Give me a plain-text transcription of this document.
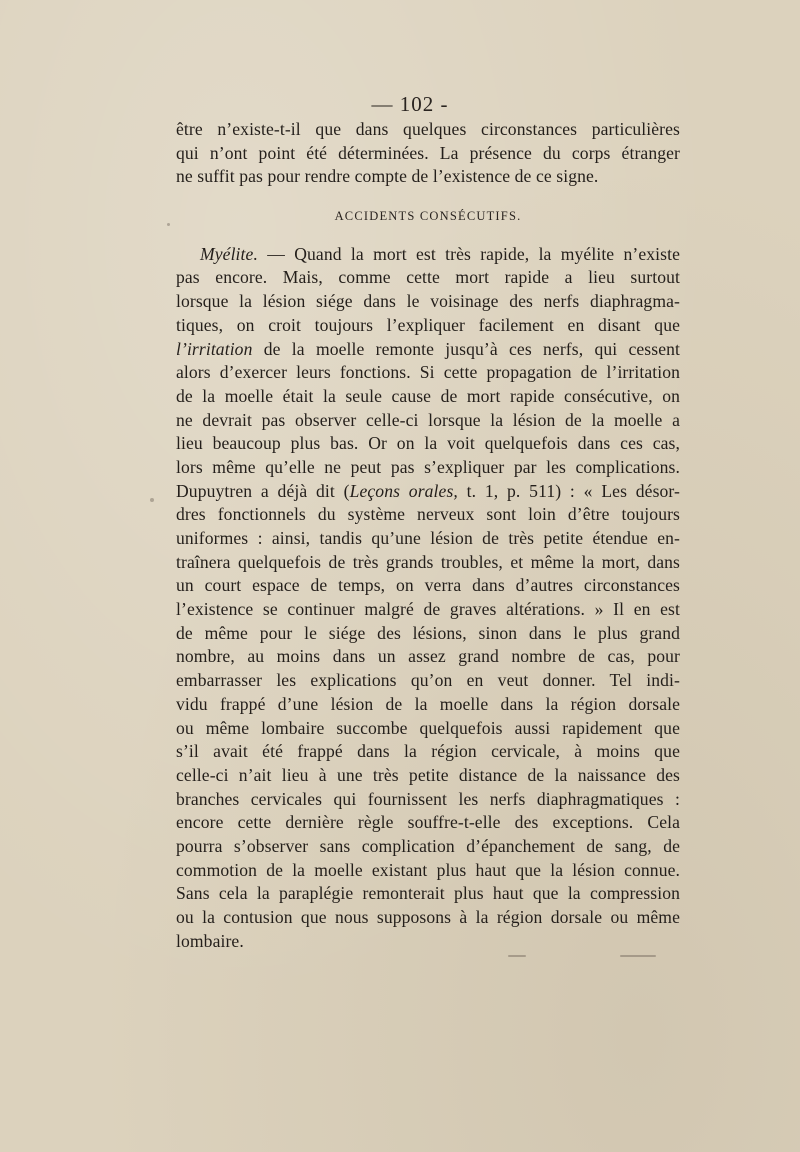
— 102 -
être n’existe-t-il que dans quelques circonstances particulières
qui n’ont point été déterminées. La présence du corps étranger
ne suffit pas pour rendre compte de l’existence de ce signe.
ACCIDENTS CONSÉCUTIFS.
Myélite. — Quand la mort est très rapide, la myélite n’existe
pas encore. Mais, comme cette mort rapide a lieu surtout
lorsque la lésion siége dans le voisinage des nerfs diaphragma-
tiques, on croit toujours l’expliquer facilement en disant que
l’irritation de la moelle remonte jusqu’à ces nerfs, qui cessent
alors d’exercer leurs fonctions. Si cette propagation de l’irritation
de la moelle était la seule cause de mort rapide consécutive, on
ne devrait pas observer celle-ci lorsque la lésion de la moelle a
lieu beaucoup plus bas. Or on la voit quelquefois dans ces cas,
lors même qu’elle ne peut pas s’expliquer par les complications.
Dupuytren a déjà dit (Leçons orales, t. 1, p. 511) : « Les désor-
dres fonctionnels du système nerveux sont loin d’être toujours
uniformes : ainsi, tandis qu’une lésion de très petite étendue en-
traînera quelquefois de très grands troubles, et même la mort, dans
un court espace de temps, on verra dans d’autres circonstances
l’existence se continuer malgré de graves altérations. » Il en est
de même pour le siége des lésions, sinon dans le plus grand
nombre, au moins dans un assez grand nombre de cas, pour
embarrasser les explications qu’on en veut donner. Tel indi-
vidu frappé d’une lésion de la moelle dans la région dorsale
ou même lombaire succombe quelquefois aussi rapidement que
s’il avait été frappé dans la région cervicale, à moins que
celle-ci n’ait lieu à une très petite distance de la naissance des
branches cervicales qui fournissent les nerfs diaphragmatiques :
encore cette dernière règle souffre-t-elle des exceptions. Cela
pourra s’observer sans complication d’épanchement de sang, de
commotion de la moelle existant plus haut que la lésion connue.
Sans cela la paraplégie remonterait plus haut que la compression
ou la contusion que nous supposons à la région dorsale ou même
lombaire.
